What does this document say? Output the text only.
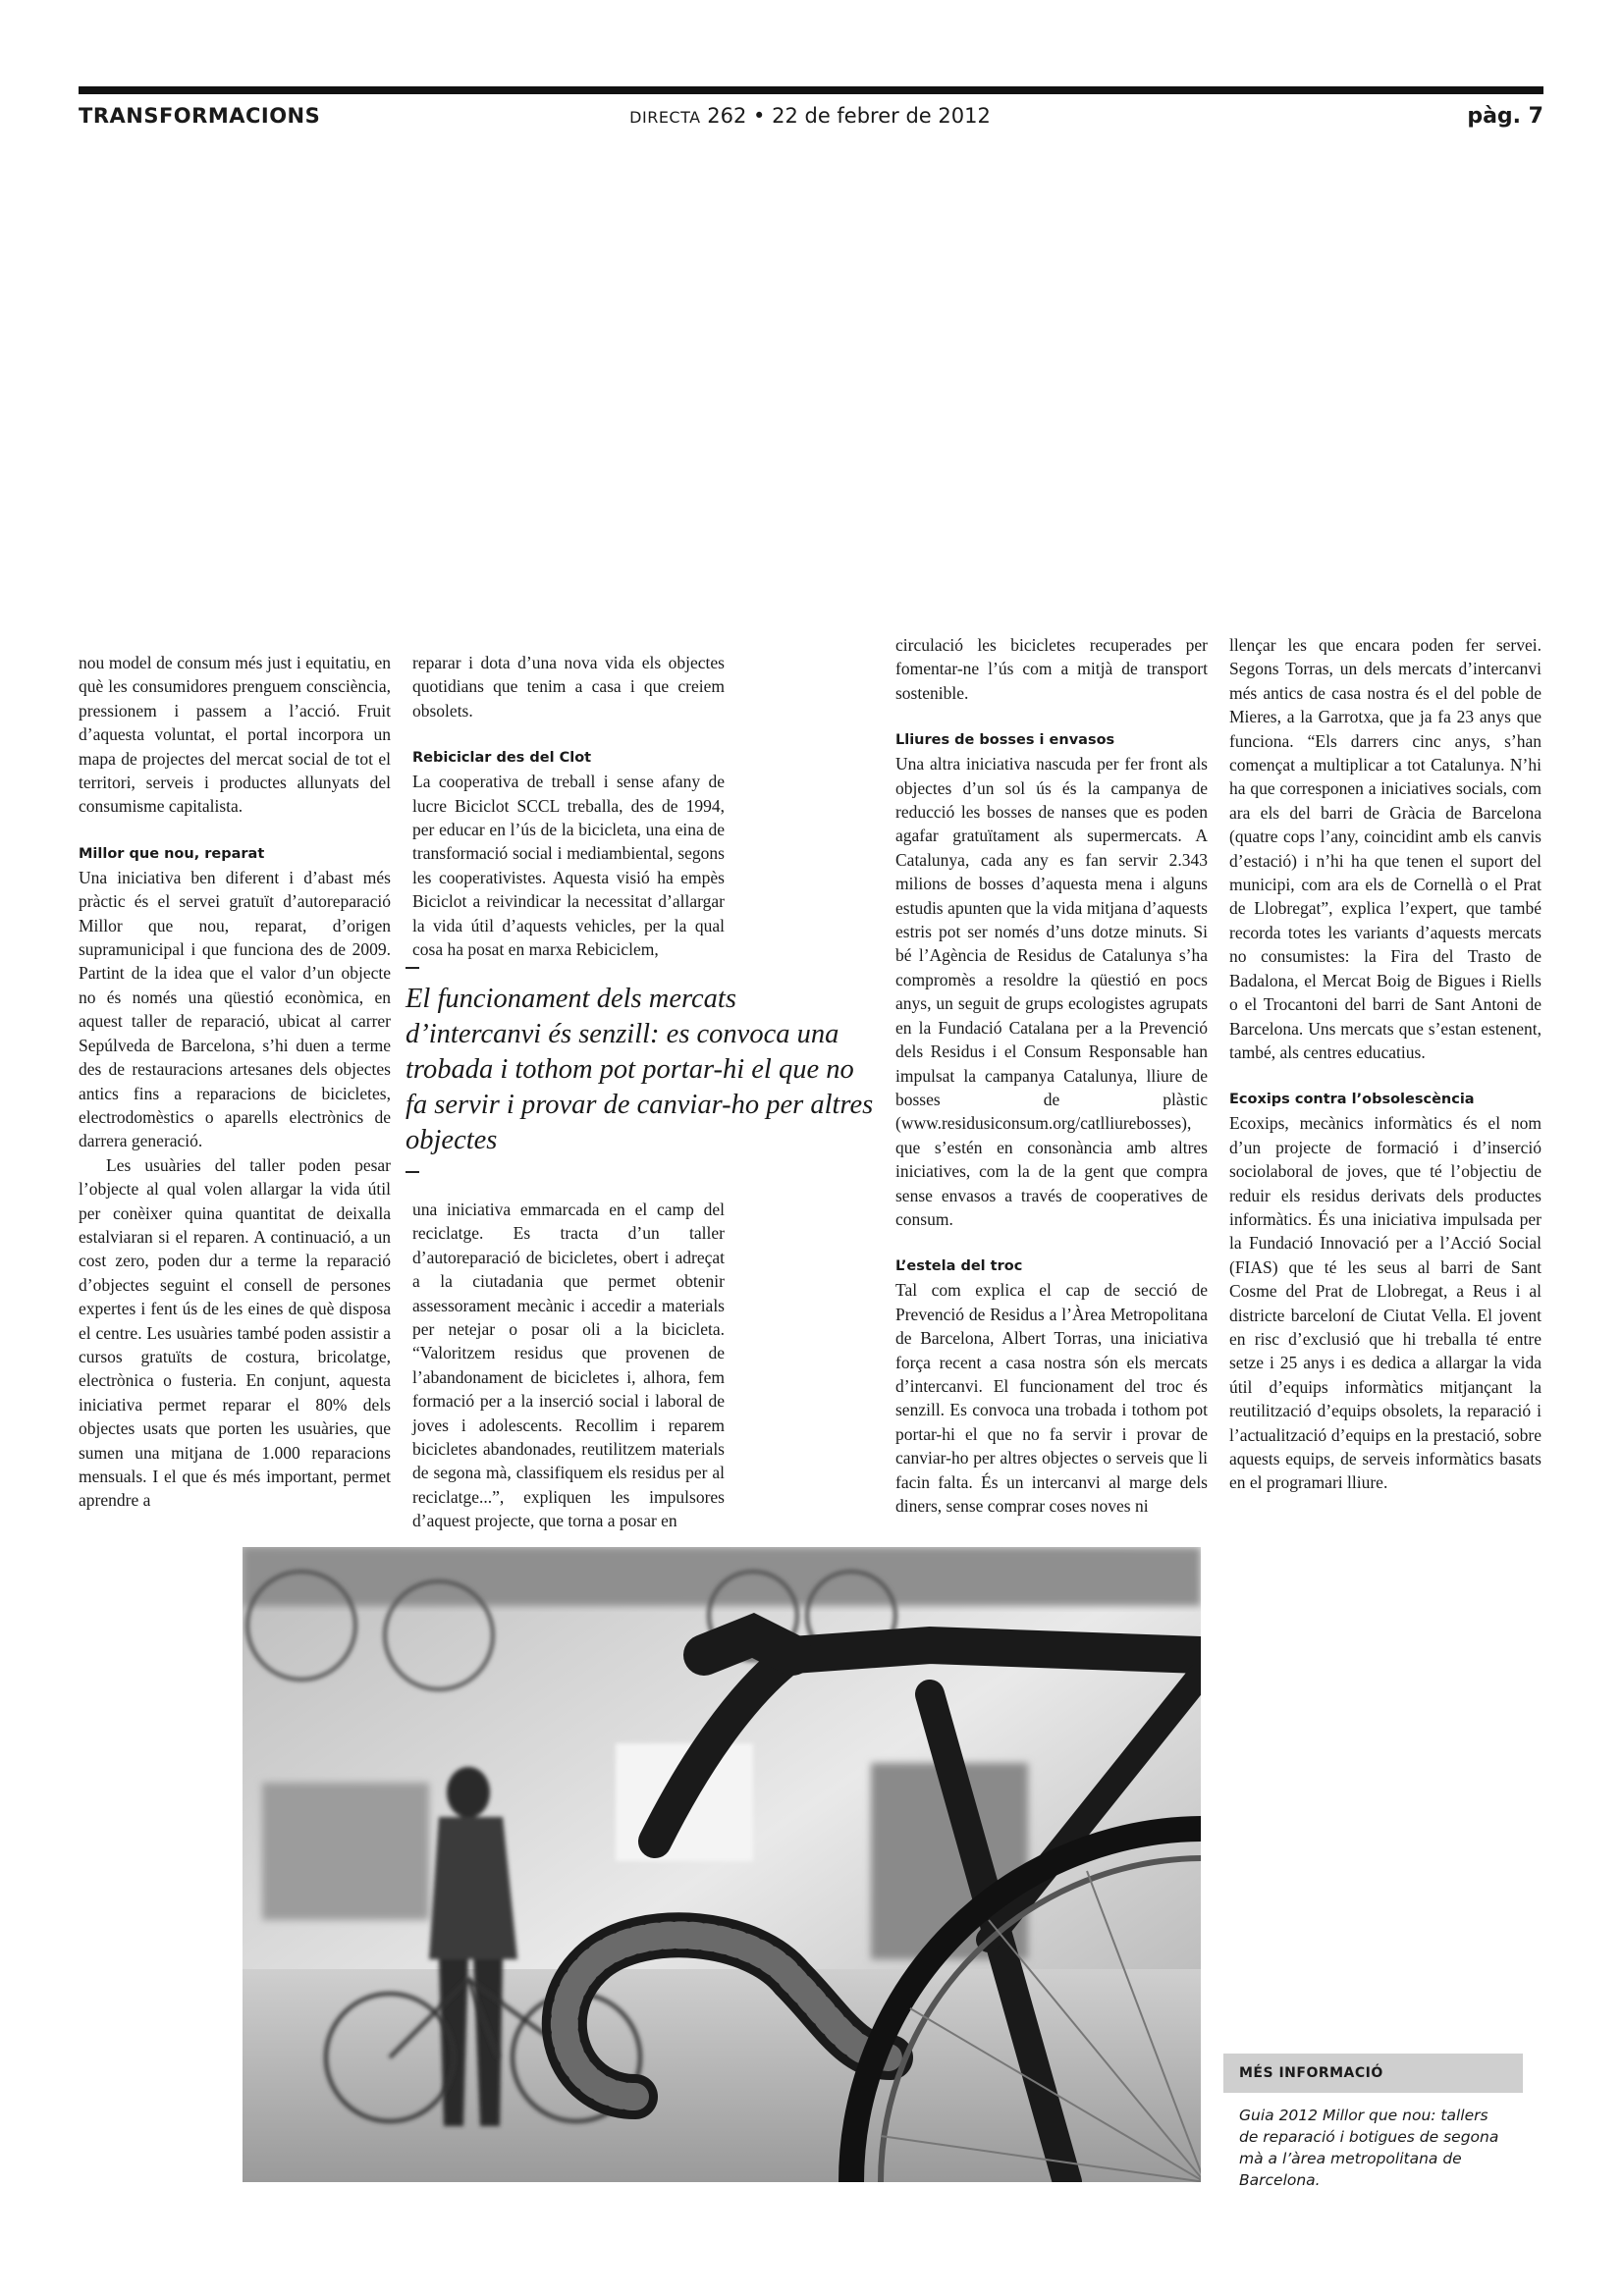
TRANSFORMACIONS	DIRECTA 262 • 22 de febrer de 2012	pàg. 7

nou model de consum més just i equitatiu, en què les consumidores prenguem consciència, pressionem i passem a l’acció. Fruit d’aquesta voluntat, el portal incorpora un mapa de projectes del mercat social de tot el territori, serveis i productes allunyats del consumisme capitalista.

Millor que nou, reparat

Una iniciativa ben diferent i d’abast més pràctic és el servei gratuït d’autoreparació Millor que nou, reparat, d’origen supramunicipal i que funciona des de 2009. Partint de la idea que el valor d’un objecte no és només una qüestió econòmica, en aquest taller de reparació, ubicat al carrer Sepúlveda de Barcelona, s’hi duen a terme des de restauracions artesanes dels objectes antics fins a reparacions de bicicletes, electrodomèstics o aparells electrònics de darrera generació.

Les usuàries del taller poden pesar l’objecte al qual volen allargar la vida útil per conèixer quina quantitat de deixalla estalviaran si el reparen. A continuació, a un cost zero, poden dur a terme la reparació d’objectes seguint el consell de persones expertes i fent ús de les eines de què disposa el centre. Les usuàries també poden assistir a cursos gratuïts de costura, bricolatge, electrònica o fusteria. En conjunt, aquesta iniciativa permet reparar el 80% dels objectes usats que porten les usuàries, que sumen una mitjana de 1.000 reparacions mensuals. I el que és més important, permet aprendre a

reparar i dota d’una nova vida els objectes quotidians que tenim a casa i que creiem obsolets.

Rebiciclar des del Clot

La cooperativa de treball i sense afany de lucre Biciclot SCCL treballa, des de 1994, per educar en l’ús de la bicicleta, una eina de transformació social i mediambiental, segons les cooperativistes. Aquesta visió ha empès Biciclot a reivindicar la necessitat d’allargar la vida útil d’aquests vehicles, per la qual cosa ha posat en marxa Rebiciclem,

El funcionament dels mercats d’intercanvi és senzill: es convoca una trobada i tothom pot portar-hi el que no fa servir i provar de canviar-ho per altres objectes

una iniciativa emmarcada en el camp del reciclatge. Es tracta d’un taller d’autoreparació de bicicletes, obert i adreçat a la ciutadania que permet obtenir assessorament mecànic i accedir a materials per netejar o posar oli a la bicicleta. “Valoritzem residus que provenen de l’abandonament de bicicletes i, alhora, fem formació per a la inserció social i laboral de joves i adolescents. Recollim i reparem bicicletes abandonades, reutilitzem materials de segona mà, classifiquem els residus per al reciclatge...”, expliquen les impulsores d’aquest projecte, que torna a posar en

circulació les bicicletes recuperades per fomentar-ne l’ús com a mitjà de transport sostenible.

Lliures de bosses i envasos

Una altra iniciativa nascuda per fer front als objectes d’un sol ús és la campanya de reducció les bosses de nanses que es poden agafar gratuïtament als supermercats. A Catalunya, cada any es fan servir 2.343 milions de bosses d’aquesta mena i alguns estudis apunten que la vida mitjana d’aquests estris pot ser només d’uns dotze minuts. Si bé l’Agència de Residus de Catalunya s’ha compromès a resoldre la qüestió en pocs anys, un seguit de grups ecologistes agrupats en la Fundació Catalana per a la Prevenció dels Residus i el Consum Responsable han impulsat la campanya Catalunya, lliure de bosses de plàstic (www.residusiconsum.org/catlliurebosses), que s’estén en consonància amb altres iniciatives, com la de la gent que compra sense envasos a través de cooperatives de consum.

L’estela del troc

Tal com explica el cap de secció de Prevenció de Residus a l’Àrea Metropolitana de Barcelona, Albert Torras, una iniciativa força recent a casa nostra són els mercats d’intercanvi. El funcionament del troc és senzill. Es convoca una trobada i tothom pot portar-hi el que no fa servir i provar de canviar-ho per altres objectes o serveis que li facin falta. És un intercanvi al marge dels diners, sense comprar coses noves ni

llençar les que encara poden fer servei. Segons Torras, un dels mercats d’intercanvi més antics de casa nostra és el del poble de Mieres, a la Garrotxa, que ja fa 23 anys que funciona. “Els darrers cinc anys, s’han començat a multiplicar a tot Catalunya. N’hi ha que corresponen a iniciatives socials, com ara els del barri de Gràcia de Barcelona (quatre cops l’any, coincidint amb els canvis d’estació) i n’hi ha que tenen el suport del municipi, com ara els de Cornellà o el Prat de Llobregat”, explica l’expert, que també recorda totes les variants d’aquests mercats no consumistes: la Fira del Trasto de Badalona, el Mercat Boig de Bigues i Riells o el Trocantoni del barri de Sant Antoni de Barcelona. Uns mercats que s’estan estenent, també, als centres educatius.

Ecoxips contra l’obsolescència

Ecoxips, mecànics informàtics és el nom d’un projecte de formació i d’inserció sociolaboral de joves, que té l’objectiu de reduir els residus derivats dels productes informàtics. És una iniciativa impulsada per la Fundació Innovació per a l’Acció Social (FIAS) que té les seus al barri de Sant Cosme del Prat de Llobregat, a Reus i al districte barceloní de Ciutat Vella. El jovent en risc d’exclusió que hi treballa té entre setze i 25 anys i es dedica a allargar la vida útil d’equips informàtics mitjançant la reutilització d’equips obsolets, la reparació i l’actualització d’equips en la prestació, sobre aquests equips, de serveis informàtics basats en el programari lliure.

MÉS INFORMACIÓ
Guia 2012 Millor que nou: tallers de reparació i botigues de segona mà a l’àrea metropolitana de Barcelona.
